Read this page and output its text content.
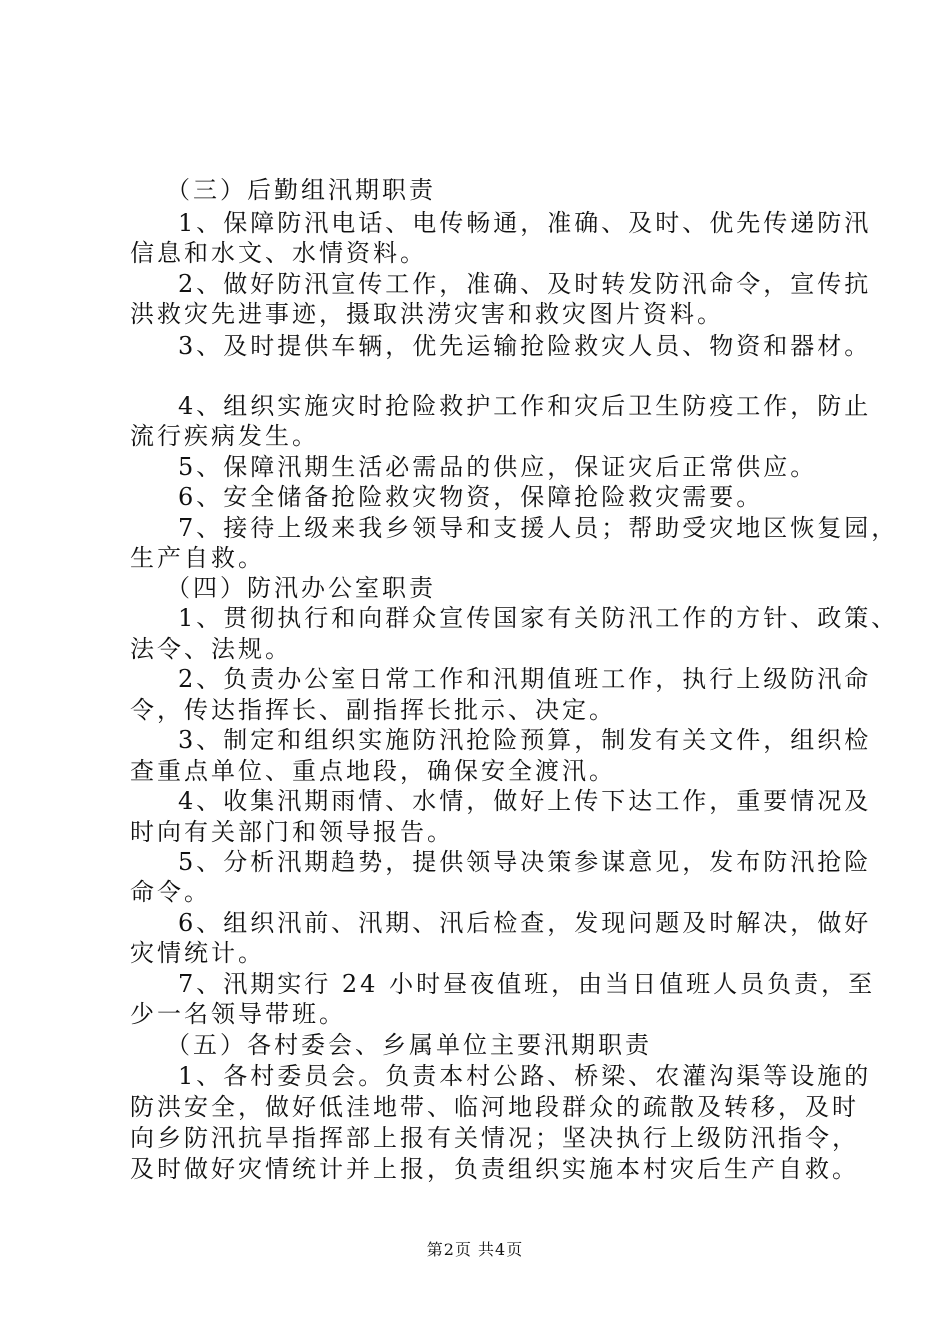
（三）后勤组汛期职责
1、保障防汛电话、电传畅通，准确、及时、优先传递防汛
信息和水文、水情资料。
2、做好防汛宣传工作，准确、及时转发防汛命令，宣传抗
洪救灾先进事迹，摄取洪涝灾害和救灾图片资料。
3、及时提供车辆，优先运输抢险救灾人员、物资和器材。
4、组织实施灾时抢险救护工作和灾后卫生防疫工作，防止
流行疾病发生。
5、保障汛期生活必需品的供应，保证灾后正常供应。
6、安全储备抢险救灾物资，保障抢险救灾需要。
7、接待上级来我乡领导和支援人员；帮助受灾地区恢复园，
生产自救。
（四）防汛办公室职责
1、贯彻执行和向群众宣传国家有关防汛工作的方针、政策、
法令、法规。
2、负责办公室日常工作和汛期值班工作，执行上级防汛命
令，传达指挥长、副指挥长批示、决定。
3、制定和组织实施防汛抢险预算，制发有关文件，组织检
查重点单位、重点地段，确保安全渡汛。
4、收集汛期雨情、水情，做好上传下达工作，重要情况及
时向有关部门和领导报告。
5、分析汛期趋势，提供领导决策参谋意见，发布防汛抢险
命令。
6、组织汛前、汛期、汛后检查，发现问题及时解决，做好
灾情统计。
7、汛期实行 24 小时昼夜值班，由当日值班人员负责，至
少一名领导带班。
（五）各村委会、乡属单位主要汛期职责
1、各村委员会。负责本村公路、桥梁、农灌沟渠等设施的
防洪安全，做好低洼地带、临河地段群众的疏散及转移，及时
向乡防汛抗旱指挥部上报有关情况；坚决执行上级防汛指令，
及时做好灾情统计并上报，负责组织实施本村灾后生产自救。
第2页 共4页
